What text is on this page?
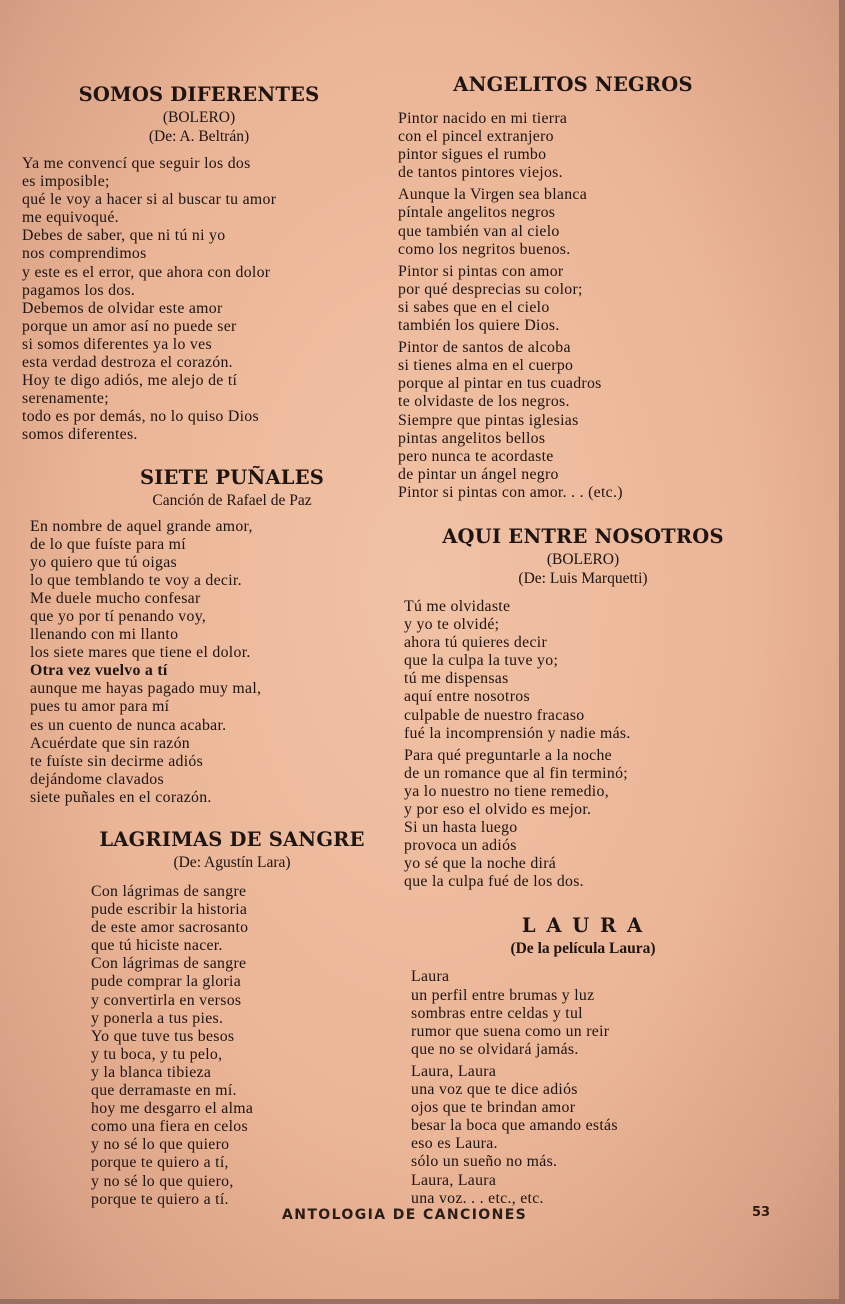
SOMOS DIFERENTES

(BOLERO)

(De: A. Beltrán)

Ya me convencí que seguir los dos
es imposible;
qué le voy a hacer si al buscar tu amor
me equivoqué.
Debes de saber, que ni tú ni yo
nos comprendimos
y este es el error, que ahora con dolor
pagamos los dos.
Debemos de olvidar este amor
porque un amor así no puede ser
si somos diferentes ya lo ves
esta verdad destroza el corazón.
Hoy te digo adiós, me alejo de tí
serenamente;
todo es por demás, no lo quiso Dios
somos diferentes.
SIETE PUÑALES

Canción de Rafael de Paz

En nombre de aquel grande amor,
de lo que fuíste para mí
yo quiero que tú oigas
lo que temblando te voy a decir.
Me duele mucho confesar
que yo por tí penando voy,
llenando con mi llanto
los siete mares que tiene el dolor.
Otra vez vuelvo a tí
aunque me hayas pagado muy mal,
pues tu amor para mí
es un cuento de nunca acabar.
Acuérdate que sin razón
te fuíste sin decirme adiós
dejándome clavados
siete puñales en el corazón.
LAGRIMAS DE SANGRE

(De: Agustín Lara)

Con lágrimas de sangre
pude escribir la historia
de este amor sacrosanto
que tú hiciste nacer.
Con lágrimas de sangre
pude comprar la gloria
y convertirla en versos
y ponerla a tus pies.
Yo que tuve tus besos
y tu boca, y tu pelo,
y la blanca tibieza
que derramaste en mí.
hoy me desgarro el alma
como una fiera en celos
y no sé lo que quiero
porque te quiero a tí,
y no sé lo que quiero,
porque te quiero a tí.
ANGELITOS NEGROS
Pintor nacido en mi tierra
con el pincel extranjero
pintor sigues el rumbo
de tantos pintores viejos.
Aunque la Virgen sea blanca
píntale angelitos negros
que también van al cielo
como los negritos buenos.
Pintor si pintas con amor
por qué desprecias su color;
si sabes que en el cielo
también los quiere Dios.
Pintor de santos de alcoba
si tienes alma en el cuerpo
porque al pintar en tus cuadros
te olvidaste de los negros.
Siempre que pintas iglesias
pintas angelitos bellos
pero nunca te acordaste
de pintar un ángel negro
Pintor si pintas con amor. . . (etc.)
AQUI ENTRE NOSOTROS

(BOLERO)

(De: Luis Marquetti)

Tú me olvidaste
y yo te olvidé;
ahora tú quieres decir
que la culpa la tuve yo;
tú me dispensas
aquí entre nosotros
culpable de nuestro fracaso
fué la incomprensión y nadie más.
Para qué preguntarle a la noche
de un romance que al fin terminó;
ya lo nuestro no tiene remedio,
y por eso el olvido es mejor.
Si un hasta luego
provoca un adiós
yo sé que la noche dirá
que la culpa fué de los dos.
L A U R A

(De la película Laura)

Laura
un perfil entre brumas y luz
sombras entre celdas y tul
rumor que suena como un reir
que no se olvidará jamás.
Laura, Laura
una voz que te dice adiós
ojos que te brindan amor
besar la boca que amando estás
eso es Laura.
sólo un sueño no más.
Laura, Laura
una voz. . . etc., etc.
ANTOLOGIA DE CANCIONES	53
